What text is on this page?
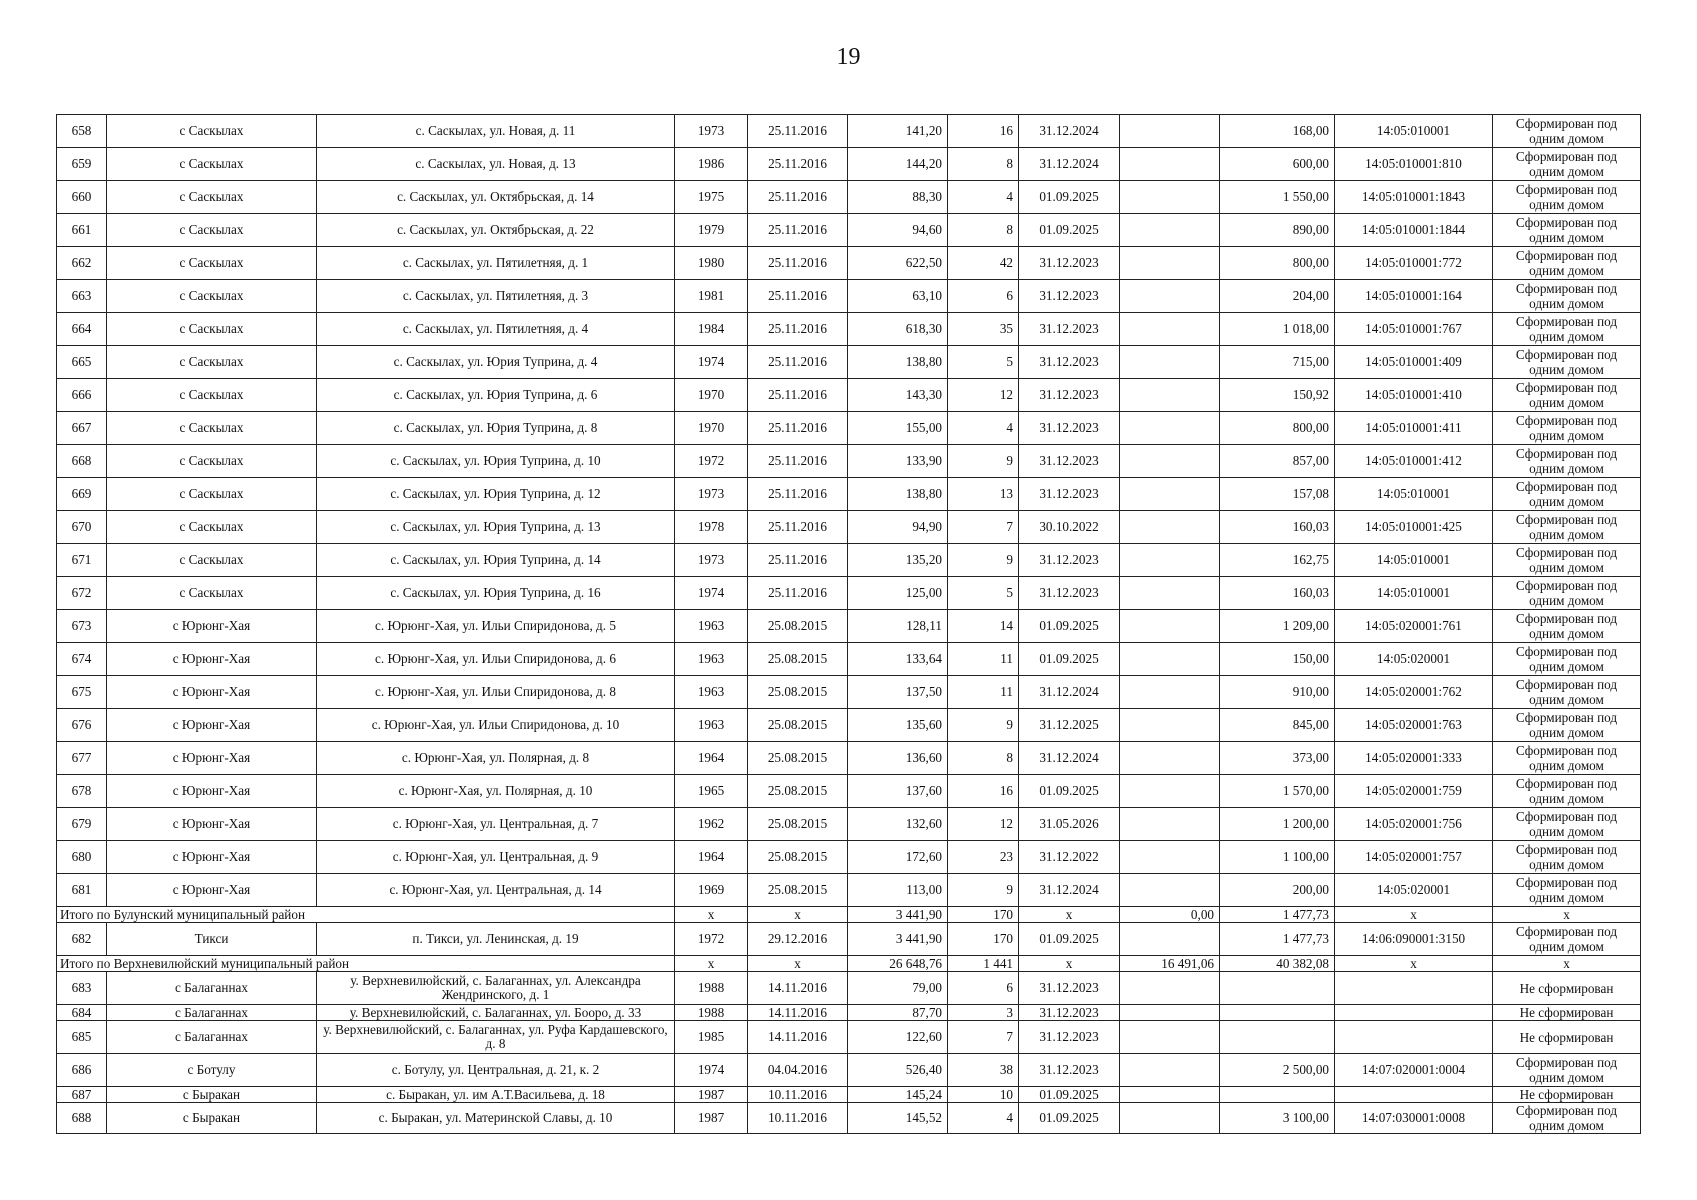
19
658	с Саскылах	с. Саскылах, ул. Новая, д. 11	1973	25.11.2016	141,20	16	31.12.2024		168,00	14:05:010001	Сформирован под одним домом
659	с Саскылах	с. Саскылах, ул. Новая, д. 13	1986	25.11.2016	144,20	8	31.12.2024		600,00	14:05:010001:810	Сформирован под одним домом
660	с Саскылах	с. Саскылах, ул. Октябрьская, д. 14	1975	25.11.2016	88,30	4	01.09.2025		1 550,00	14:05:010001:1843	Сформирован под одним домом
661	с Саскылах	с. Саскылах, ул. Октябрьская, д. 22	1979	25.11.2016	94,60	8	01.09.2025		890,00	14:05:010001:1844	Сформирован под одним домом
662	с Саскылах	с. Саскылах, ул. Пятилетняя, д. 1	1980	25.11.2016	622,50	42	31.12.2023		800,00	14:05:010001:772	Сформирован под одним домом
663	с Саскылах	с. Саскылах, ул. Пятилетняя, д. 3	1981	25.11.2016	63,10	6	31.12.2023		204,00	14:05:010001:164	Сформирован под одним домом
664	с Саскылах	с. Саскылах, ул. Пятилетняя, д. 4	1984	25.11.2016	618,30	35	31.12.2023		1 018,00	14:05:010001:767	Сформирован под одним домом
665	с Саскылах	с. Саскылах, ул. Юрия Туприна, д. 4	1974	25.11.2016	138,80	5	31.12.2023		715,00	14:05:010001:409	Сформирован под одним домом
666	с Саскылах	с. Саскылах, ул. Юрия Туприна, д. 6	1970	25.11.2016	143,30	12	31.12.2023		150,92	14:05:010001:410	Сформирован под одним домом
667	с Саскылах	с. Саскылах, ул. Юрия Туприна, д. 8	1970	25.11.2016	155,00	4	31.12.2023		800,00	14:05:010001:411	Сформирован под одним домом
668	с Саскылах	с. Саскылах, ул. Юрия Туприна, д. 10	1972	25.11.2016	133,90	9	31.12.2023		857,00	14:05:010001:412	Сформирован под одним домом
669	с Саскылах	с. Саскылах, ул. Юрия Туприна, д. 12	1973	25.11.2016	138,80	13	31.12.2023		157,08	14:05:010001	Сформирован под одним домом
670	с Саскылах	с. Саскылах, ул. Юрия Туприна, д. 13	1978	25.11.2016	94,90	7	30.10.2022		160,03	14:05:010001:425	Сформирован под одним домом
671	с Саскылах	с. Саскылах, ул. Юрия Туприна, д. 14	1973	25.11.2016	135,20	9	31.12.2023		162,75	14:05:010001	Сформирован под одним домом
672	с Саскылах	с. Саскылах, ул. Юрия Туприна, д. 16	1974	25.11.2016	125,00	5	31.12.2023		160,03	14:05:010001	Сформирован под одним домом
673	с Юрюнг-Хая	с. Юрюнг-Хая, ул. Ильи Спиридонова, д. 5	1963	25.08.2015	128,11	14	01.09.2025		1 209,00	14:05:020001:761	Сформирован под одним домом
674	с Юрюнг-Хая	с. Юрюнг-Хая, ул. Ильи Спиридонова, д. 6	1963	25.08.2015	133,64	11	01.09.2025		150,00	14:05:020001	Сформирован под одним домом
675	с Юрюнг-Хая	с. Юрюнг-Хая, ул. Ильи Спиридонова, д. 8	1963	25.08.2015	137,50	11	31.12.2024		910,00	14:05:020001:762	Сформирован под одним домом
676	с Юрюнг-Хая	с. Юрюнг-Хая, ул. Ильи Спиридонова, д. 10	1963	25.08.2015	135,60	9	31.12.2025		845,00	14:05:020001:763	Сформирован под одним домом
677	с Юрюнг-Хая	с. Юрюнг-Хая, ул. Полярная, д. 8	1964	25.08.2015	136,60	8	31.12.2024		373,00	14:05:020001:333	Сформирован под одним домом
678	с Юрюнг-Хая	с. Юрюнг-Хая, ул. Полярная, д. 10	1965	25.08.2015	137,60	16	01.09.2025		1 570,00	14:05:020001:759	Сформирован под одним домом
679	с Юрюнг-Хая	с. Юрюнг-Хая, ул. Центральная, д. 7	1962	25.08.2015	132,60	12	31.05.2026		1 200,00	14:05:020001:756	Сформирован под одним домом
680	с Юрюнг-Хая	с. Юрюнг-Хая, ул. Центральная, д. 9	1964	25.08.2015	172,60	23	31.12.2022		1 100,00	14:05:020001:757	Сформирован под одним домом
681	с Юрюнг-Хая	с. Юрюнг-Хая, ул. Центральная, д. 14	1969	25.08.2015	113,00	9	31.12.2024		200,00	14:05:020001	Сформирован под одним домом
Итого по Булунский муниципальный район			х	х	3 441,90	170	х	0,00	1 477,73	х	х
682	Тикси	п. Тикси, ул. Ленинская, д. 19	1972	29.12.2016	3 441,90	170	01.09.2025		1 477,73	14:06:090001:3150	Сформирован под одним домом
Итого по Верхневилюйский муниципальный район			х	х	26 648,76	1 441	х	16 491,06	40 382,08	х	х
683	с Балаганнах	у. Верхневилюйский, с. Балаганнах, ул. Александра Жендринского, д. 1	1988	14.11.2016	79,00	6	31.12.2023				Не сформирован
684	с Балаганнах	у. Верхневилюйский, с. Балаганнах, ул. Бооро, д. 33	1988	14.11.2016	87,70	3	31.12.2023				Не сформирован
685	с Балаганнах	у. Верхневилюйский, с. Балаганнах, ул. Руфа Кардашевского, д. 8	1985	14.11.2016	122,60	7	31.12.2023				Не сформирован
686	с Ботулу	с. Ботулу, ул. Центральная, д. 21, к. 2	1974	04.04.2016	526,40	38	31.12.2023		2 500,00	14:07:020001:0004	Сформирован под одним домом
687	с Быракан	с. Быракан, ул. им А.Т.Васильева, д. 18	1987	10.11.2016	145,24	10	01.09.2025				Не сформирован
688	с Быракан	с. Быракан, ул. Материнской Славы, д. 10	1987	10.11.2016	145,52	4	01.09.2025		3 100,00	14:07:030001:0008	Сформирован под одним домом
